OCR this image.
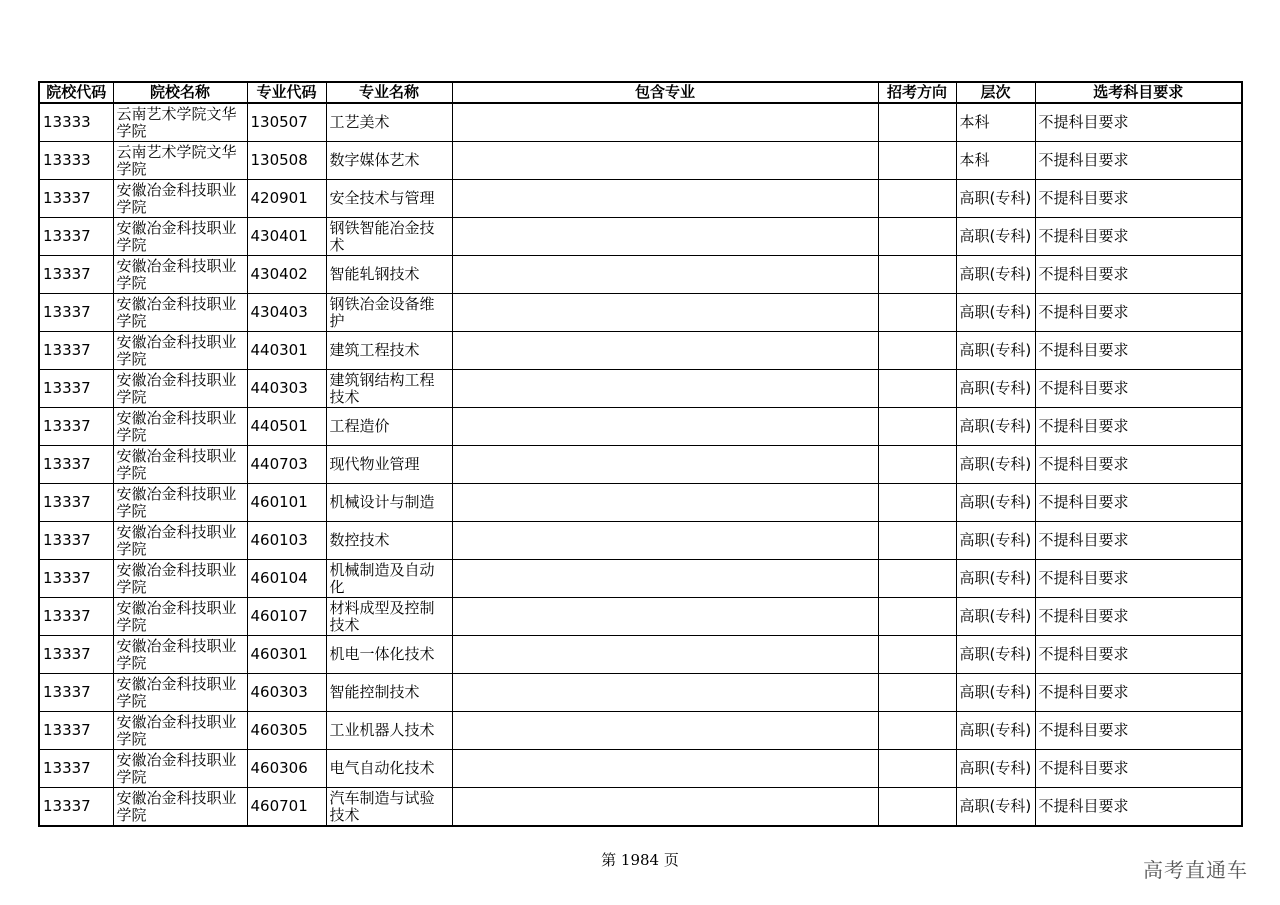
院校代码	院校名称	专业代码	专业名称	包含专业	招考方向	层次	选考科目要求
13333	云南艺术学院文华学院	130507	工艺美术			本科	不提科目要求
13333	云南艺术学院文华学院	130508	数字媒体艺术			本科	不提科目要求
13337	安徽冶金科技职业学院	420901	安全技术与管理			高职(专科)	不提科目要求
13337	安徽冶金科技职业学院	430401	钢铁智能冶金技术			高职(专科)	不提科目要求
13337	安徽冶金科技职业学院	430402	智能轧钢技术			高职(专科)	不提科目要求
13337	安徽冶金科技职业学院	430403	钢铁冶金设备维护			高职(专科)	不提科目要求
13337	安徽冶金科技职业学院	440301	建筑工程技术			高职(专科)	不提科目要求
13337	安徽冶金科技职业学院	440303	建筑钢结构工程技术			高职(专科)	不提科目要求
13337	安徽冶金科技职业学院	440501	工程造价			高职(专科)	不提科目要求
13337	安徽冶金科技职业学院	440703	现代物业管理			高职(专科)	不提科目要求
13337	安徽冶金科技职业学院	460101	机械设计与制造			高职(专科)	不提科目要求
13337	安徽冶金科技职业学院	460103	数控技术			高职(专科)	不提科目要求
13337	安徽冶金科技职业学院	460104	机械制造及自动化			高职(专科)	不提科目要求
13337	安徽冶金科技职业学院	460107	材料成型及控制技术			高职(专科)	不提科目要求
13337	安徽冶金科技职业学院	460301	机电一体化技术			高职(专科)	不提科目要求
13337	安徽冶金科技职业学院	460303	智能控制技术			高职(专科)	不提科目要求
13337	安徽冶金科技职业学院	460305	工业机器人技术			高职(专科)	不提科目要求
13337	安徽冶金科技职业学院	460306	电气自动化技术			高职(专科)	不提科目要求
13337	安徽冶金科技职业学院	460701	汽车制造与试验技术			高职(专科)	不提科目要求
第 1984 页	高考直通车
